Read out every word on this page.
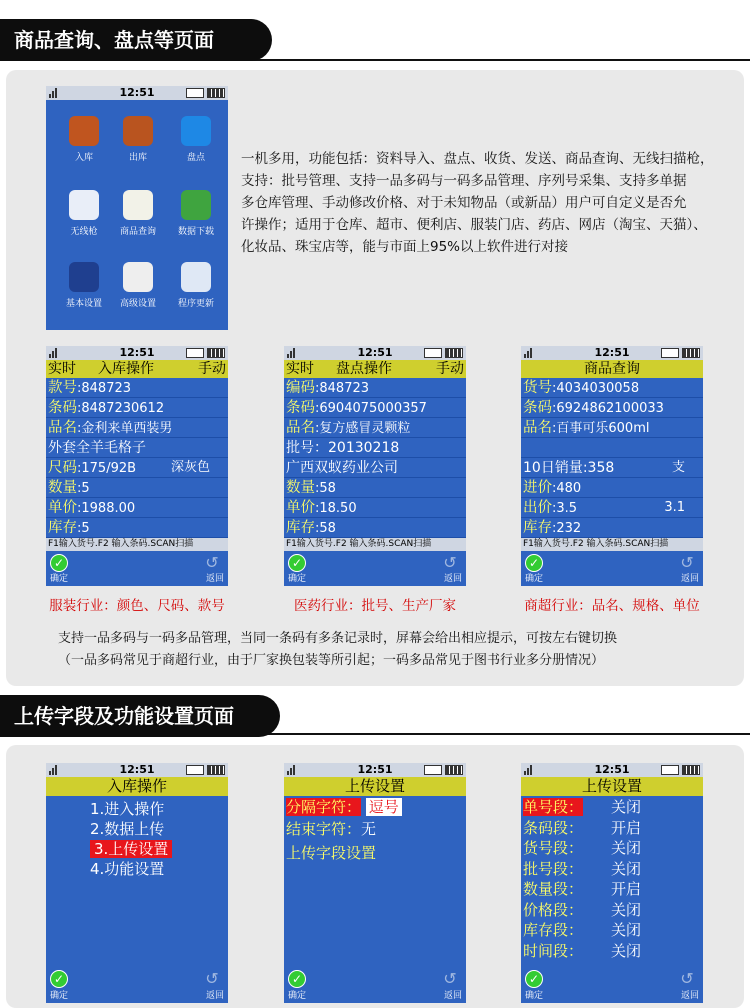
商品查询、盘点等页面
12:51
入库	出库	盘点
无线枪	商品查询	数据下载
基本设置	高级设置	程序更新
一机多用，功能包括：资料导入、盘点、收货、发送、商品查询、无线扫描枪，
支持：批号管理、支持一品多码与一码多品管理、序列号采集、支持多单据
多仓库管理、手动修改价格、对于未知物品（或新品）用户可自定义是否允
许操作；适用于仓库、超市、便利店、服装门店、药店、网店（淘宝、天猫）、
化妆品、珠宝店等，能与市面上95%以上软件进行对接
12:51
实时 入库操作	手动
款号:848723
条码:8487230612
品名:金利来单西装男
外套全羊毛格子
尺码:175/92B	深灰色
数量:5
单价:1988.00
库存:5
F1输入货号.F2 输入条码.SCAN扫描
✓
确定
↺
返回
12:51
实时 盘点操作	手动
编码:848723
条码:6904075000357
品名:复方感冒灵颗粒
批号：20130218
广西双蚁药业公司
数量:58
单价:18.50
库存:58
F1输入货号.F2 输入条码.SCAN扫描
✓
确定
↺
返回
12:51
商品查询
货号:4034030058
条码:6924862100033
品名:百事可乐600ml
10日销量:358	支
进价:480
出价:3.5	3.1
库存:232
F1输入货号.F2 输入条码.SCAN扫描
✓
确定
↺
返回
服装行业：颜色、尺码、款号	医药行业：批号、生产厂家	商超行业：品名、规格、单位
支持一品多码与一码多品管理，当同一条码有多条记录时，屏幕会给出相应提示，可按左右键切换
（一品多码常见于商超行业，由于厂家换包装等所引起；一码多品常见于图书行业多分册情况）
上传字段及功能设置页面
12:51
入库操作
1.进入操作
2.数据上传
3.上传设置
4.功能设置
✓
确定
↺
返回
12:51
上传设置
分隔字符： 逗号
结束字符：无
上传字段设置
✓
确定
↺
返回
12:51
上传设置
单号段： 关闭
条码段： 开启
货号段： 关闭
批号段： 关闭
数量段： 开启
价格段： 关闭
库存段： 关闭
时间段： 关闭
✓
确定
↺
返回
